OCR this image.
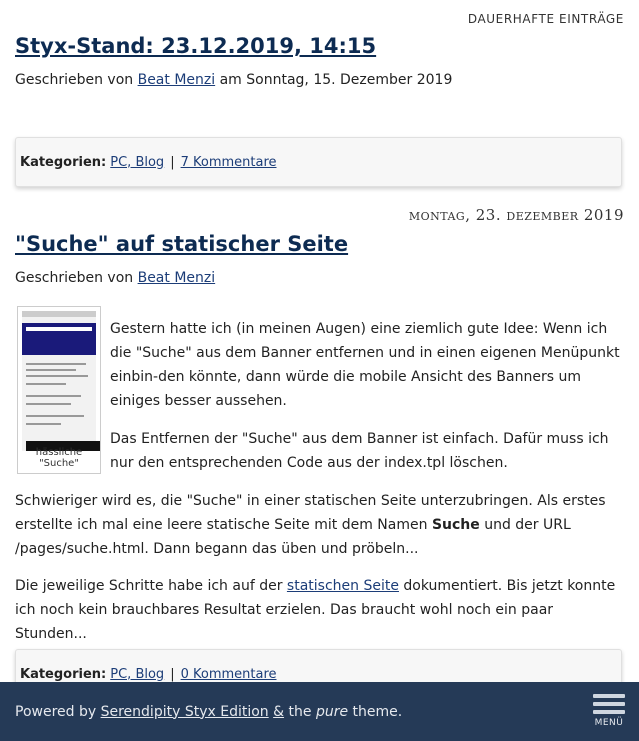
DAUERHAFTE EINTRÄGE
Styx-Stand: 23.12.2019, 14:15
Geschrieben von Beat Menzi am Sonntag, 15. Dezember 2019
Kategorien: PC, Blog | 7 Kommentare
montag, 23. dezember 2019
"Suche" auf statischer Seite
Geschrieben von Beat Menzi
hässliche "Suche"

Gestern hatte ich (in meinen Augen) eine ziemlich gute Idee: Wenn ich die "Suche" aus dem Banner entfernen und in einen eigenen Menüpunkt einbin-den könnte, dann würde die mobile Ansicht des Banners um einiges besser aussehen.

Das Entfernen der "Suche" aus dem Banner ist einfach. Dafür muss ich nur den entsprechenden Code aus der index.tpl löschen.

Schwieriger wird es, die "Suche" in einer statischen Seite unterzubringen. Als erstes erstellte ich mal eine leere statische Seite mit dem Namen Suche und der URL /pages/suche.html. Dann begann das üben und pröbeln...

Die jeweilige Schritte habe ich auf der statischen Seite dokumentiert. Bis jetzt konnte ich noch kein brauchbares Resultat erzielen. Das braucht wohl noch ein paar Stunden...

Kategorien: PC, Blog | 0 Kommentare
Powered by
Serendipity Styx Edition
&
the
pure
theme.
MENÜ
